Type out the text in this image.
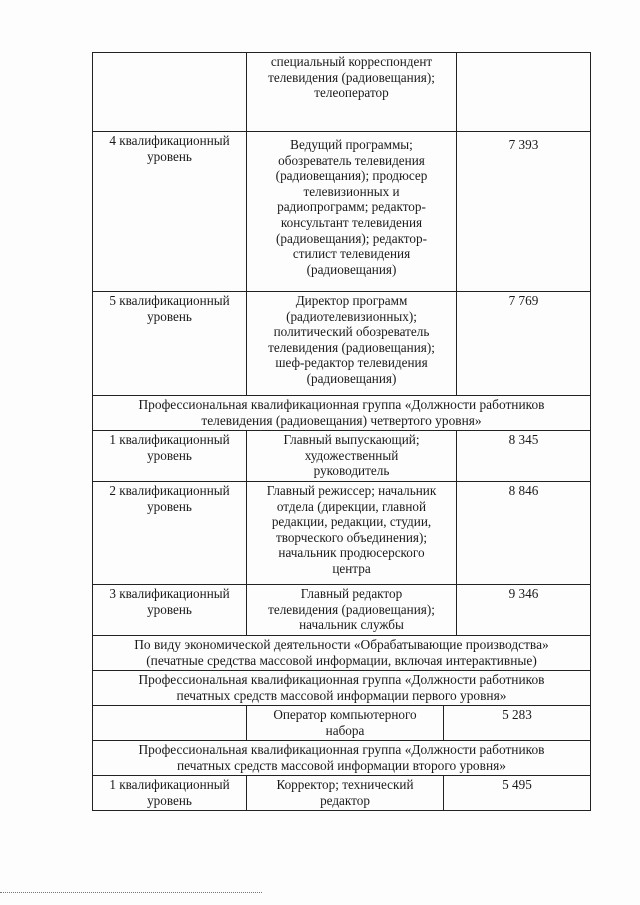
специальный корреспондент
телевидения (радиовещания);
телеоператор
4 квалификационный
уровень
Ведущий программы;
обозреватель телевидения
(радиовещания); продюсер
телевизионных и
радиопрограмм; редактор-
консультант телевидения
(радиовещания); редактор-
стилист телевидения
(радиовещания)
7 393
5 квалификационный
уровень
Директор программ
(радиотелевизионных);
политический обозреватель
телевидения (радиовещания);
шеф-редактор телевидения
(радиовещания)
7 769
Профессиональная квалификационная группа «Должности работников
телевидения (радиовещания) четвертого уровня»
1 квалификационный
уровень
Главный выпускающий;
художественный
руководитель
8 345
2 квалификационный
уровень
Главный режиссер; начальник
отдела (дирекции, главной
редакции, редакции, студии,
творческого объединения);
начальник продюсерского
центра
8 846
3 квалификационный
уровень
Главный редактор
телевидения (радиовещания);
начальник службы
9 346
По виду экономической деятельности «Обрабатывающие производства»
(печатные средства массовой информации, включая интерактивные)
Профессиональная квалификационная группа «Должности работников
печатных средств массовой информации первого уровня»
Оператор компьютерного
набора
5 283
Профессиональная квалификационная группа «Должности работников
печатных средств массовой информации второго уровня»
1 квалификационный
уровень
Корректор; технический
редактор
5 495
